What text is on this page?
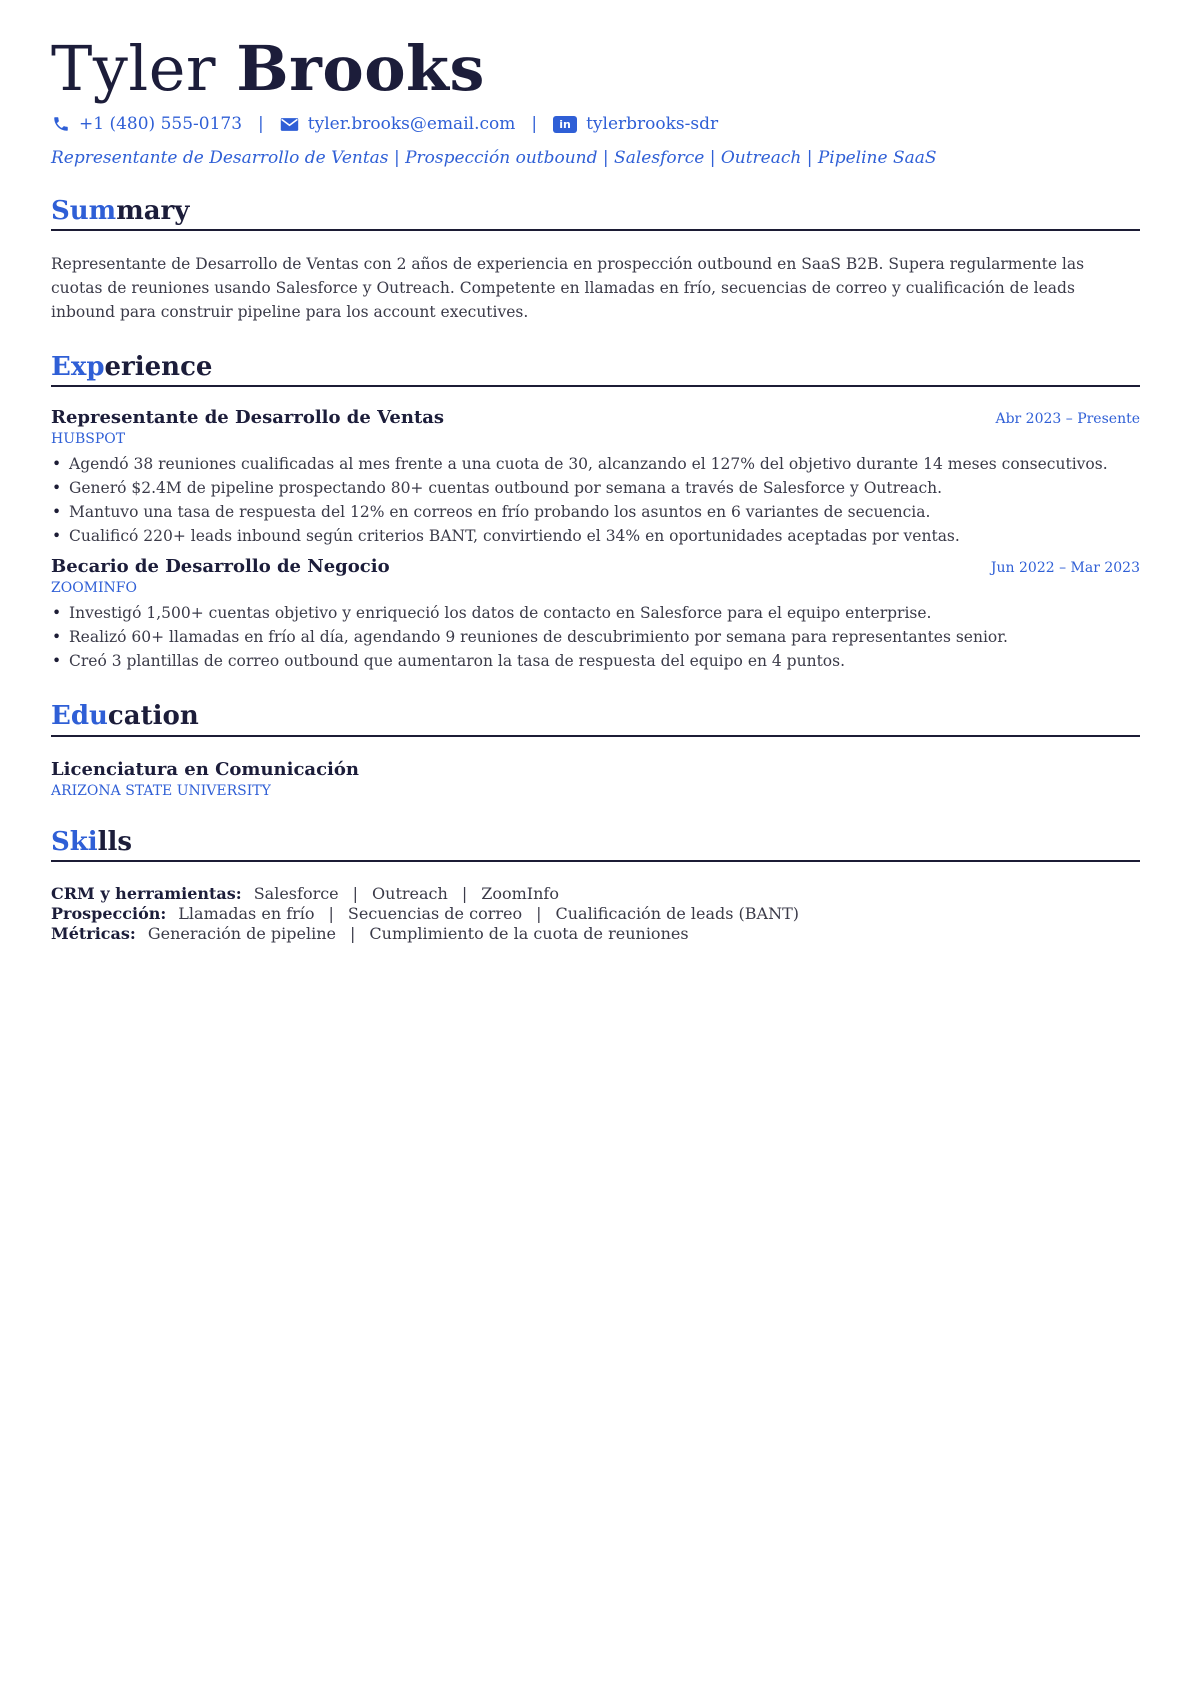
Tyler Brooks
+1 (480) 555-0173 |	tyler.brooks@email.com |	in tylerbrooks-sdr
Representante de Desarrollo de Ventas | Prospección outbound | Salesforce | Outreach | Pipeline SaaS
Summary
Representante de Desarrollo de Ventas con 2 años de experiencia en prospección outbound en SaaS B2B. Supera regularmente las cuotas de reuniones usando Salesforce y Outreach. Competente en llamadas en frío, secuencias de correo y cualificación de leads inbound para construir pipeline para los account executives.
Experience
Representante de Desarrollo de Ventas	Abr 2023 – Presente
HUBSPOT
• Agendó 38 reuniones cualificadas al mes frente a una cuota de 30, alcanzando el 127% del objetivo durante 14 meses consecutivos.
• Generó $2.4M de pipeline prospectando 80+ cuentas outbound por semana a través de Salesforce y Outreach.
• Mantuvo una tasa de respuesta del 12% en correos en frío probando los asuntos en 6 variantes de secuencia.
• Cualificó 220+ leads inbound según criterios BANT, convirtiendo el 34% en oportunidades aceptadas por ventas.
Becario de Desarrollo de Negocio	Jun 2022 – Mar 2023
ZOOMINFO
• Investigó 1,500+ cuentas objetivo y enriqueció los datos de contacto en Salesforce para el equipo enterprise.
• Realizó 60+ llamadas en frío al día, agendando 9 reuniones de descubrimiento por semana para representantes senior.
• Creó 3 plantillas de correo outbound que aumentaron la tasa de respuesta del equipo en 4 puntos.
Education
Licenciatura en Comunicación
ARIZONA STATE UNIVERSITY
Skills
CRM y herramientas: Salesforce | Outreach | ZoomInfo
Prospección: Llamadas en frío | Secuencias de correo | Cualificación de leads (BANT)
Métricas: Generación de pipeline | Cumplimiento de la cuota de reuniones
